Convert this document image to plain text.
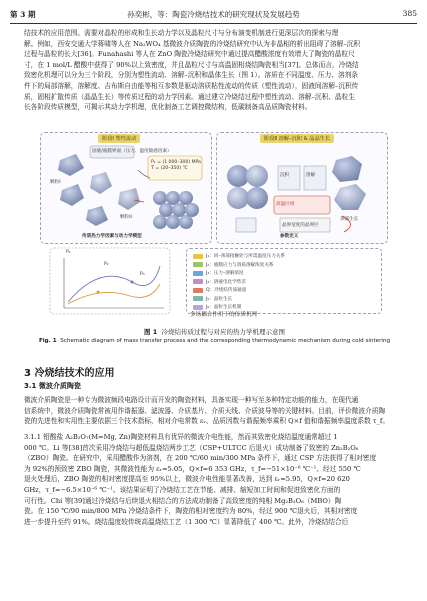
第 3 期	孙奕彬，等：陶瓷冷烧结技术的研究现状及发展趋势	385
结技术的应用范围。需要对晶粒的形成和生长动力学以及晶粒尺寸与分布演变机制进行更深层次的探索与理
解。例如，西安交通大学蒋啸等人在 Na₂WO₄ 基微波介质陶瓷的冷烧结研究中认为非晶相的析出阻碍了溶解–沉积
过程与晶粒的长大[36]。Funahashi 等人在 ZnO 陶瓷冷烧结研究中通过提高醋酸浓度有效增大了陶瓷的晶粒尺
寸，在 1 mol/L 醋酸中获得了 90%以上致密度，并且晶粒尺寸与高温固相烧结陶瓷相当[37]。总体而言，冷烧结
致密化机理可以分为三个阶段，分别为塑性流动、溶解–沉积和晶体生长（图 1）。溶质在不同温度、压力、溶剂条
件下的局部溶解，溶解度、吉布斯自由能等相互参数是驱动溶质粘性流动的传质（塑性流动），固液间溶解–沉积传
质，固相扩散传质（晶晶生长）等传质过程的动力学因素。通过建立冷烧结过程中塑性流动、溶解–沉积、晶粒生
长各阶段传质模型，可揭示其动力学机理，优化制备工艺调控微结构，低碳制备高品质陶瓷材料。
阶段Ⅰ 塑性流动	阶段Ⅱ 溶解–沉积 & 晶晶生长
固液/液膜界面（压力、温度敏感因素）
P₁ = (1 000–300) MPa
T = (20–350) ℃
颗粒I
颗粒II
传质热力学因素与动力学模型
沉积	溶解
颈部生长
高温区域
晶界宽度的晶界区
参数定义
P₁
P₂
P₃
J₁：同–颈部接触处与所需温度压力关系
J₂：液膜应力与溶质溶解浓度关系
J₃：压力–溶解浓度
J₄：溶液电化学势差
Q：冷烧结传质通量
J₅：晶粒生长
J₆：晶粒生长机制
多场耦合作用下的传质机理
图 1 冷烧结传质过程与对应的热力学机理示意图
Fig. 1 Schematic diagram of mass transfer process and the corresponding thermodynamic mechanism during cold sintering
3 冷烧结技术的应用
3.1 微波介质陶瓷
微波介质陶瓷是一种专为微波频段电路设计而开发的陶瓷材料，具备实现一种写至多种特定功能的能力，在现代通
信系统中，微波介质陶瓷常被用作谐振器、滤波器、介质基片、介质天线、介质波导等的关键材料。目前，评价微波介质陶
瓷的先进性和实用性主要依据三个技术指标，相对介电常数 εᵣ、品质因数与谐振频率乘积 Q×f 值和谐振频率温度系数 τ_f。
3.1.1 钼酸盐 A₂B₂O₇(M=Mg, Zn)陶瓷材料具有优异的微波介电性能，然而其致密化烧结温度通常超过 1
000 ℃。Li 等[38]首次采用冷烧结与超低温烧结两步工艺（CSP+ULTCC 后退火）成功制备了致密的 Zn₂B₂O₆
（ZBO）陶瓷。在研究中，采用醋酸作为溶剂，在 200 ℃/60 min/300 MPa 条件下，通过 CSP 方法获得了相对密度
为 92%的预致密 ZBO 陶瓷，其微波性能为 εᵣ=5.05，Q×f=6 353 GHz，τ_f=−51×10⁻⁶ ℃⁻¹。经过 550 ℃
退火处理后，ZBO 陶瓷的相对密度提高至 95%以上，微波介电性能显著改善，达到 εᵣ=5.95，Q×f=20 620
GHz，τ_f=−6.5×10⁻⁶ ℃⁻¹。该结果证明了冷烧结工艺在节能、减排、缩短加工时间和促进致密化方面的
可行性。Chi 等[39]通过冷烧结与后续退火相结合的方法成功制备了高致密度的纯相 Mg₂B₂O₆（MBO）陶
瓷。在 150 ℃/90 min/800 MPa 冷烧结条件下，陶瓷的相对密度约为 80%，经过 900 ℃退火后，其相对密度
进一步提升至约 91%。烧结温度较传统高温烧结工艺（1 300 ℃）显著降低了 400 ℃。此外，冷烧结结合后
